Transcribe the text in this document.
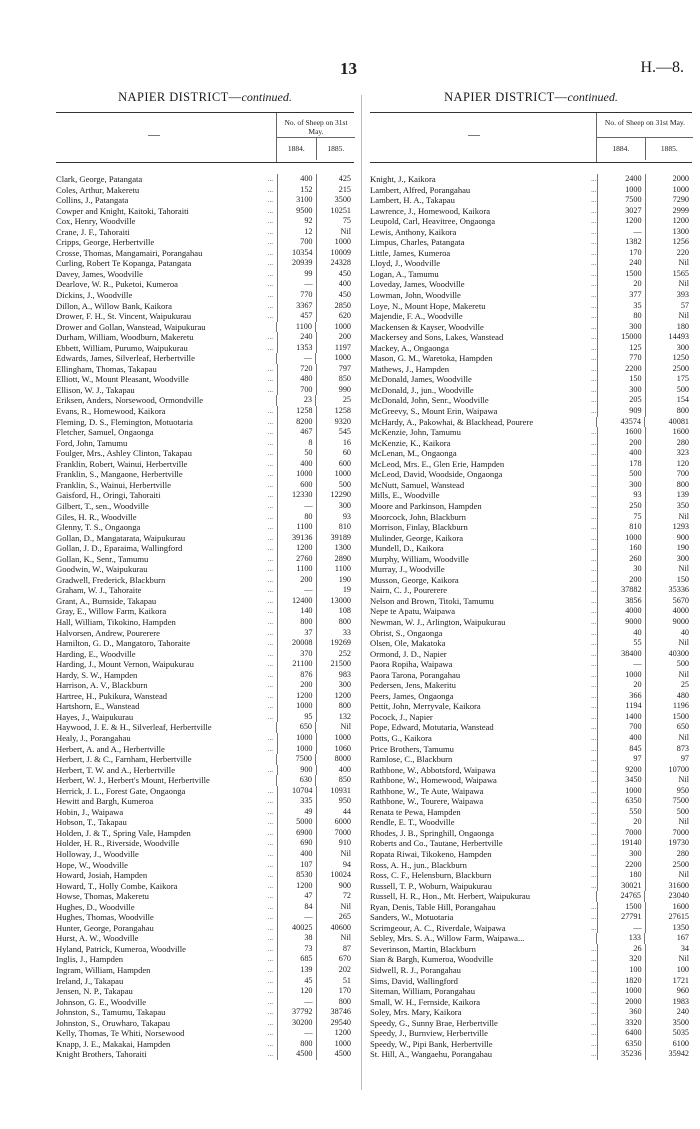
13	H.—8.
NAPIER DISTRICT—continued.
—
No. of Sheep on 31st May.
1884.	1885.
Clark, George, Patangata	...	400	425
Coles, Arthur, Makeretu	...	152	215
Collins, J., Patangata	...	3100	3500
Cowper and Knight, Kaitoki, Tahoraiti	...	9500	10251
Cox, Henry, Woodville	...	92	75
Crane, J. F., Tahoraiti	...	12	Nil
Cripps, George, Herbertville	...	700	1000
Crosse, Thomas, Mangamairi, Porangahau	...	10354	10009
Curling, Robert Te Kopanga, Patangata	...	20939	24328
Davey, James, Woodville	...	99	450
Dearlove, W. R., Puketoi, Kumeroa	...	—	400
Dickins, J., Woodville	...	770	450
Dillon, A., Willow Bank, Kaikora	...	3367	2850
Drower, F. H., St. Vincent, Waipukurau	...	457	620
Drower and Gollan, Wanstead, Waipukurau	1100	1000
Durham, William, Woodburn, Makeretu	...	240	200
Ebbett, William, Purumo, Waipukurau	...	1353	1197
Edwards, James, Silverleaf, Herbertville	—	1000
Ellingham, Thomas, Takapau	...	720	797
Elliott, W., Mount Pleasant, Woodville	...	480	850
Ellison, W. J., Takapau	...	700	990
Eriksen, Anders, Norsewood, Ormondville	23	25
Evans, R., Homewood, Kaikora	...	1258	1258
Fleming, D. S., Flemington, Motuotaria	...	8200	9320
Fletcher, Samuel, Ongaonga	...	467	545
Ford, John, Tamumu	...	8	16
Foulger, Mrs., Ashley Clinton, Takapau	...	50	60
Franklin, Robert, Wainui, Herbertville	...	400	600
Franklin, S., Mangaone, Herbertville	...	1000	1000
Franklin, S., Wainui, Herbertville	...	600	500
Gaisford, H., Oringi, Tahoraiti	...	12330	12290
Gilbert, T., sen., Woodville	...	—	300
Giles, H. R., Woodville	...	80	93
Glenny, T. S., Ongaonga	...	1100	810
Gollan, D., Mangatarata, Waipukurau	...	39136	39189
Gollan, J. D., Eparaima, Wallingford	...	1200	1300
Gollan, K., Senr., Tamumu	...	2760	2890
Goodwin, W., Waipukurau	...	1100	1100
Gradwell, Frederick, Blackburn	...	200	190
Graham, W. J., Tahoraite	...	—	19
Grant, A., Burnside, Takapau	...	12400	13000
Gray, E., Willow Farm, Kaikora	...	140	108
Hall, William, Tikokino, Hampden	...	800	800
Halvorsen, Andrew, Pourerere	...	37	33
Hamilton, G. D., Mangatoro, Tahoraite	...	20008	19269
Harding, E., Woodville	...	370	252
Harding, J., Mount Vernon, Waipukurau	...	21100	21500
Hardy, S. W., Hampden	...	876	983
Harrison, A. V., Blackburn	...	200	300
Hartree, H., Pukikura, Wanstead	...	1200	1200
Hartshorn, E., Wanstead	...	1000	800
Hayes, J., Waipukurau	...	95	132
Haywood, J. E. & H., Silverleaf, Herbertville	650	Nil
Healy, J., Porangahau	...	1000	1000
Herbert, A. and A., Herbertville	...	1000	1060
Herbert, J. & C., Farnham, Herbertville	7500	8000
Herbert, T. W. and A., Herbertville	...	900	400
Herbert, W. J., Herbert's Mount, Herbertville	630	850
Herrick, J. L., Forest Gate, Ongaonga	...	10704	10931
Hewitt and Bargh, Kumeroa	...	335	950
Hobin, J., Waipawa	...	49	44
Hobson, T., Takapau	...	5000	6000
Holden, J. & T., Spring Vale, Hampden	...	6900	7000
Holder, H. R., Riverside, Woodville	...	690	910
Holloway, J., Woodville	...	400	Nil
Hope, W., Woodville	...	107	94
Howard, Josiah, Hampden	...	8530	10024
Howard, T., Holly Combe, Kaikora	...	1200	900
Howse, Thomas, Makeretu	...	47	72
Hughes, D., Woodville	...	84	Nil
Hughes, Thomas, Woodville	...	—	265
Hunter, George, Porangahau	...	40025	40600
Hurst, A. W., Woodville	...	38	Nil
Hyland, Patrick, Kumeroa, Woodville	...	73	87
Inglis, J., Hampden	...	685	670
Ingram, William, Hampden	...	139	202
Ireland, J., Takapau	...	45	51
Jensen, N. P., Takapau	...	120	170
Johnson, G. E., Woodville	...	—	800
Johnston, S., Tamumu, Takapau	...	37792	38746
Johnston, S., Oruwharo, Takapau	...	30200	29540
Kelly, Thomas, Te Whiti, Norsewood	...	—	1200
Knapp, J. E., Makakai, Hampden	...	800	1000
Knight Brothers, Tahoraiti	...	4500	4500
NAPIER DISTRICT—continued.
—
No. of Sheep on 31st May.
1884.	1885.
Knight, J., Kaikora	...	2400	2000
Lambert, Alfred, Porangahau	...	1000	1000
Lambert, H. A., Takapau	...	7500	7290
Lawrence, J., Homewood, Kaikora	...	3027	2999
Leupold, Carl, Heavitree, Ongaonga	...	1200	1200
Lewis, Anthony, Kaikora	...	—	1300
Limpus, Charles, Patangata	...	1382	1256
Little, James, Kumeroa	...	170	220
Lloyd, J., Woodville	...	240	Nil
Logan, A., Tamumu	...	1500	1565
Loveday, James, Woodville	...	20	Nil
Lowman, John, Woodville	...	377	393
Loye, N., Mount Hope, Makeretu	...	35	57
Majendie, F. A., Woodville	...	80	Nil
Mackensen & Kayser, Woodville	...	300	180
Mackersey and Sons, Lakes, Wanstead	...	15000	14493
Mackey, A., Ongaonga	...	125	300
Mason, G. M., Waretoka, Hampden	...	770	1250
Mathews, J., Hampden	...	2200	2500
McDonald, James, Woodville	...	150	175
McDonald, J., jun., Woodville	...	300	500
McDonald, John, Senr., Woodville	...	205	154
McGreevy, S., Mount Erin, Waipawa	...	909	800
McHardy, A., Pakowhai, & Blackhead, Pourere	43574	40081
McKenzie, John, Tamumu	...	1600	1600
McKenzie, K., Kaikora	...	200	280
McLenan, M., Ongaonga	...	400	323
McLeod, Mrs. E., Glen Erie, Hampden	...	178	120
McLeod, David, Woodside, Ongaonga	...	500	700
McNutt, Samuel, Wanstead	...	300	800
Mills, E., Woodville	...	93	139
Moore and Parkinson, Hampden	...	250	350
Moorcock, John, Blackburn	...	75	Nil
Morrison, Finlay, Blackburn	...	810	1293
Mulinder, George, Kaikora	...	1000	900
Mundell, D., Kaikora	...	160	190
Murphy, William, Woodville	...	260	300
Murray, J., Woodville	...	30	Nil
Musson, George, Kaikora	...	200	150
Nairn, C. J., Pourerere	...	37882	35336
Nelson and Brown, Titoki, Tamumu	...	3856	5670
Nepe te Apatu, Waipawa	...	4000	4000
Newman, W. J., Arlington, Waipukurau	...	9000	9000
Obrist, S., Ongaonga	...	40	40
Olsen, Ole, Makatoka	...	55	Nil
Ormond, J. D., Napier	...	38400	40300
Paora Ropiha, Waipawa	...	—	500
Paora Tarona, Porangahau	...	1000	Nil
Pedersen, Jens, Makeritu	...	20	25
Peers, James, Ongaonga	...	366	480
Pettit, John, Merryvale, Kaikora	...	1194	1196
Pocock, J., Napier	...	1400	1500
Pope, Edward, Motutaria, Wanstead	...	700	650
Potts, G., Kaikora	...	400	Nil
Price Brothers, Tamumu	...	845	873
Ramlose, C., Blackburn	...	97	97
Rathbone, W., Abbotsford, Waipawa	...	9200	10700
Rathbone, W., Homewood, Waipawa	...	3450	Nil
Rathbone, W., Te Aute, Waipawa	...	1000	950
Rathbone, W., Tourere, Waipawa	...	6350	7500
Renata te Pewa, Hampden	...	550	500
Rendle, E. T., Woodville	...	20	Nil
Rhodes, J. B., Springhill, Ongaonga	...	7000	7000
Roberts and Co., Tautane, Herbertville	...	19140	19730
Ropata Riwai, Tikokeno, Hampden	...	300	280
Ross, A. H., jun., Blackburn	...	2200	2500
Ross, C. F., Helensburn, Blackburn	...	180	Nil
Russell, T. P., Woburn, Waipukurau	...	30021	31600
Russell, H. R., Hon., Mt. Herbert, Waipukurau	24765	23040
Ryan, Denis, Table Hill, Porangahau	...	1500	1600
Sanders, W., Motuotaria	...	27791	27615
Scrimgeour, A. C., Riverdale, Waipawa	...	—	1350
Sebley, Mrs. S. A., Willow Farm, Waipawa...	133	167
Severinson, Martin, Blackburn	...	26	34
Sian & Bargh, Kumeroa, Woodville	...	320	Nil
Sidwell, R. J., Porangahau	...	100	100
Sims, David, Wallingford	...	1820	1721
Siteman, William, Porangahau	...	1000	960
Small, W. H., Fernside, Kaikora	...	2000	1983
Soley, Mrs. Mary, Kaikora	...	360	240
Speedy, G., Sunny Brae, Herbertville	...	3320	3500
Speedy, J., Burnview, Herbertville	...	6400	5035
Speedy, W., Pipi Bank, Herbertville	...	6350	6100
St. Hill, A., Wangaehu, Porangahau	...	35236	35942
